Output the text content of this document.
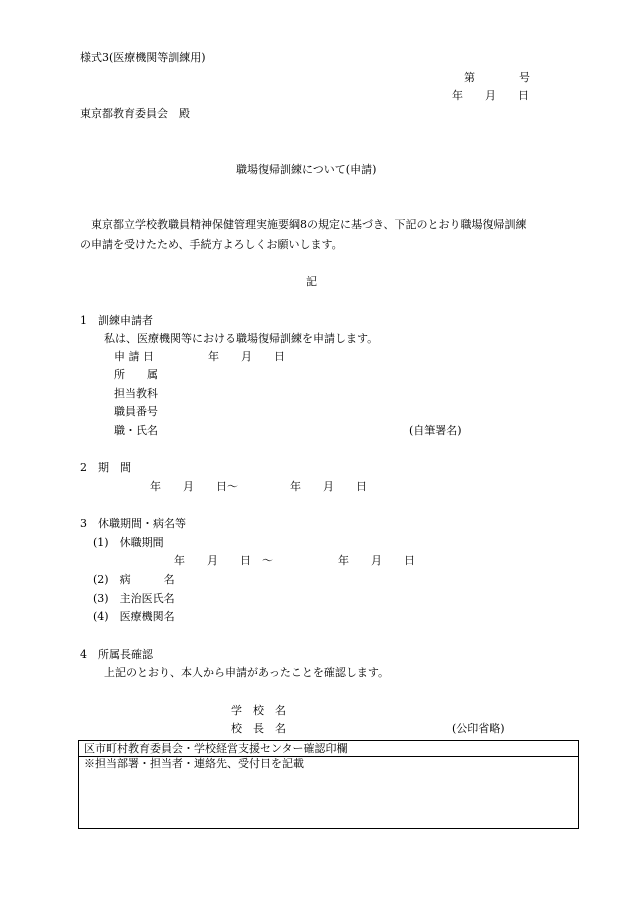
様式3(医療機関等訓練用)
第　　　　号
年　　月　　日
東京都教育委員会　殿
職場復帰訓練について(申請)
東京都立学校教職員精神保健管理実施要綱8の規定に基づき、下記のとおり職場復帰訓練
の申請を受けたため、手続方よろしくお願いします。
記
1　訓練申請者
私は、医療機関等における職場復帰訓練を申請します。
申 請 日	年　　月　　日
所　　属
担当教科
職員番号
職・氏名	(自筆署名)
2　期　間
年　　月　　日～	年　　月　　日
3　休職期間・病名等
(1)　休職期間
年　　月　　日　～	年　　月　　日
(2)　病　　　名
(3)　主治医氏名
(4)　医療機関名
4　所属長確認
上記のとおり、本人から申請があったことを確認します。
学　校　名
校　長　名	(公印省略)
区市町村教育委員会・学校経営支援センター確認印欄
※担当部署・担当者・連絡先、受付日を記載
